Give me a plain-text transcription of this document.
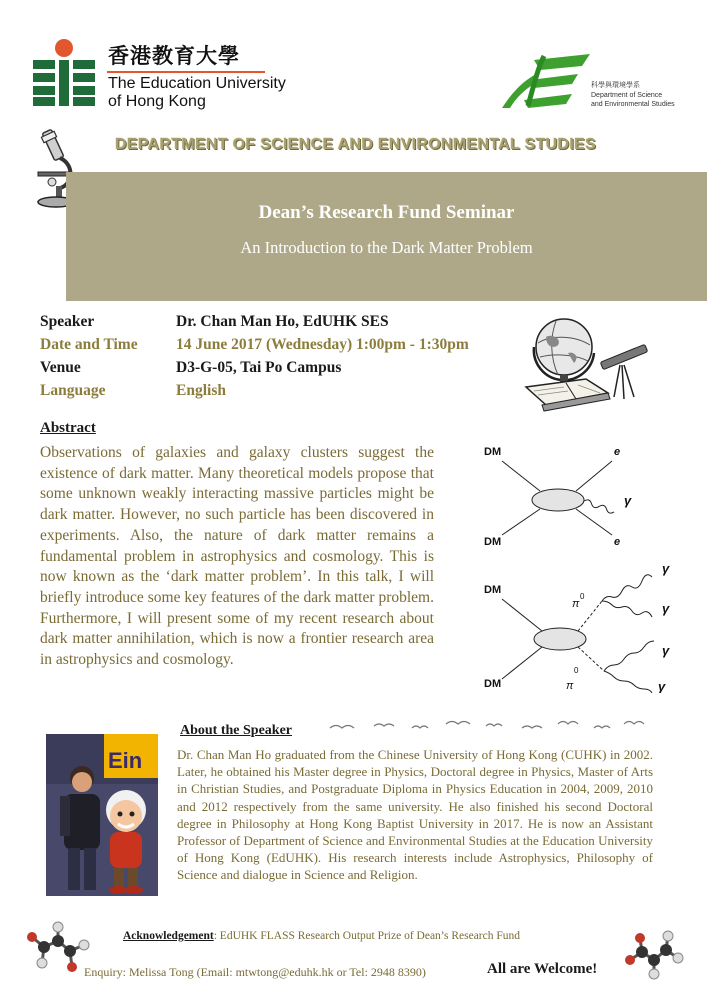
香港教育大學
The Education University
of Hong Kong
科學與環境學系
Department of Science
and Environmental Studies
DEPARTMENT OF SCIENCE AND ENVIRONMENTAL STUDIES
Dean’s Research Fund Seminar
An Introduction to the Dark Matter Problem
Speaker	Dr. Chan Man Ho, EdUHK SES
Date and Time 14 June 2017 (Wednesday) 1:00pm - 1:30pm
Venue	D3-G-05, Tai Po Campus
Language	English
Abstract
Observations of galaxies and galaxy clusters suggest the existence of dark matter. Many theoretical models propose that some unknown weakly interacting massive particles might be dark matter. However, no such particle has been discovered in experiments. Also, the nature of dark matter remains a fundamental problem in astrophysics and cosmology. This is now known as the ‘dark matter problem’. In this talk, I will briefly introduce some key features of the dark matter problem. Furthermore, I will present some of my recent research about dark matter annihilation, which is now a frontier research area in astrophysics and cosmology.
DM
DM
e
e
γ
DM
DM
π
0
π
0
γ
γ
γ
γ
About the Speaker
Ein	Dr. Chan Man Ho graduated from the Chinese University of Hong Kong (CUHK) in 2002. Later, he obtained his Master degree in Physics, Doctoral degree in Physics, Master of Arts in Christian Studies, and Postgraduate Diploma in Physics Education in 2004, 2009, 2010 and 2012 respectively from the same university. He also finished his second Doctoral degree in Philosophy at Hong Kong Baptist University in 2017. He is now an Assistant Professor of Department of Science and Environmental Studies at the Education University of Hong Kong (EdUHK). His research interests include Astrophysics, Philosophy of Science and dialogue in Science and Religion.
Acknowledgement: EdUHK FLASS Research Output Prize of Dean’s Research Fund
Enquiry: Melissa Tong (Email: mtwtong@eduhk.hk or Tel: 2948 8390)	All are Welcome!
